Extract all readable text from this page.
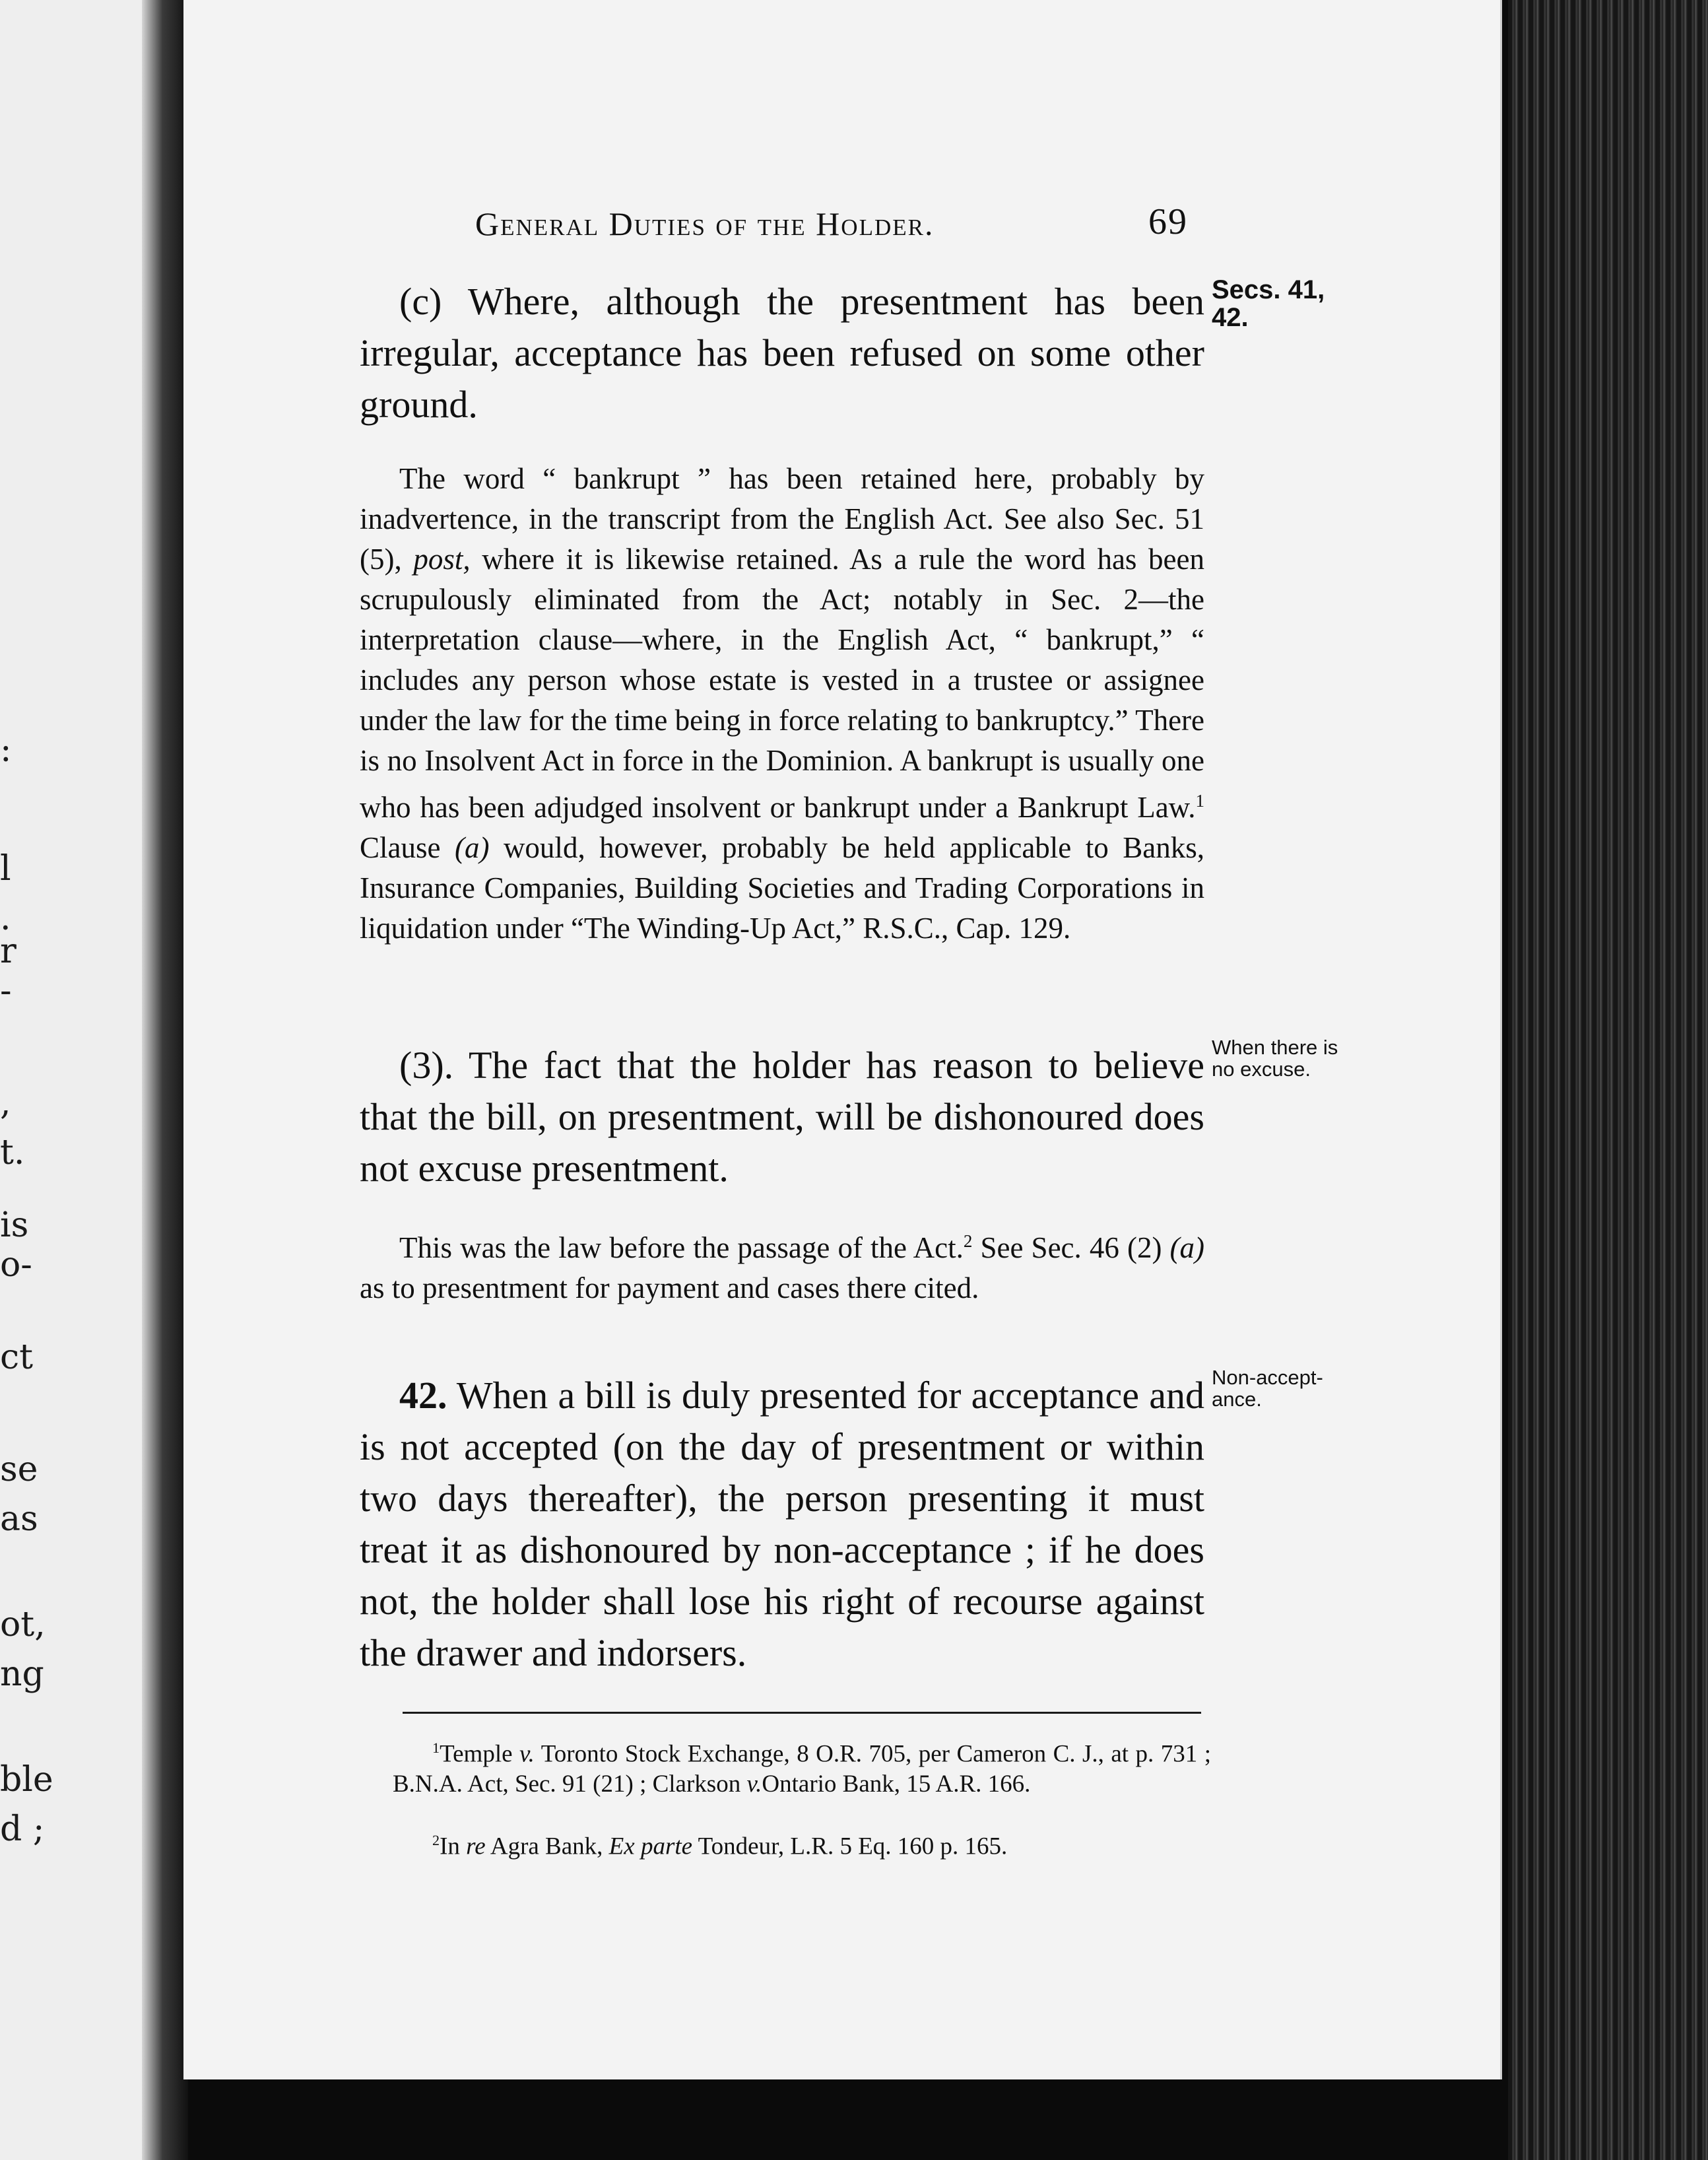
:
l
.
r
-
,
t.
is
o-
ct
se
as
ot,
ng
ble
d ;
General Duties of the Holder.	69
Secs. 41, 42.
When there is no excuse.
Non-accept-ance.
(c) Where, although the presentment has been irregular, acceptance has been refused on some other ground.
The word “ bankrupt ” has been retained here, probably by inadvertence, in the transcript from the English Act. See also Sec. 51 (5), post, where it is likewise retained. As a rule the word has been scrupulously eliminated from the Act; notably in Sec. 2—the interpretation clause—where, in the English Act, “ bankrupt,” “ includes any person whose estate is vested in a trustee or assignee under the law for the time being in force relating to bankruptcy.” There is no Insolvent Act in force in the Dominion. A bankrupt is usually one who has been adjudged insolvent or bankrupt under a Bankrupt Law.$^1$ Clause (a) would, however, probably be held applicable to Banks, Insurance Companies, Building Societies and Trading Corporations in liquidation under “The Winding-Up Act,” R.S.C., Cap. 129.
(3). The fact that the holder has reason to believe that the bill, on presentment, will be dishonoured does not excuse presentment.
This was the law before the passage of the Act.$^2$ See Sec. 46 (2) (a) as to presentment for payment and cases there cited.
42. When a bill is duly presented for acceptance and is not accepted (on the day of presentment or within two days thereafter), the person presenting it must treat it as dishonoured by non-acceptance ; if he does not, the holder shall lose his right of recourse against the drawer and indorsers.
$^1$Temple v. Toronto Stock Exchange, 8 O.R. 705, per Cameron C. J., at p. 731 ; B.N.A. Act, Sec. 91 (21) ; Clarkson v.Ontario Bank, 15 A.R. 166.
$^2$In re Agra Bank, Ex parte Tondeur, L.R. 5 Eq. 160 p. 165.
